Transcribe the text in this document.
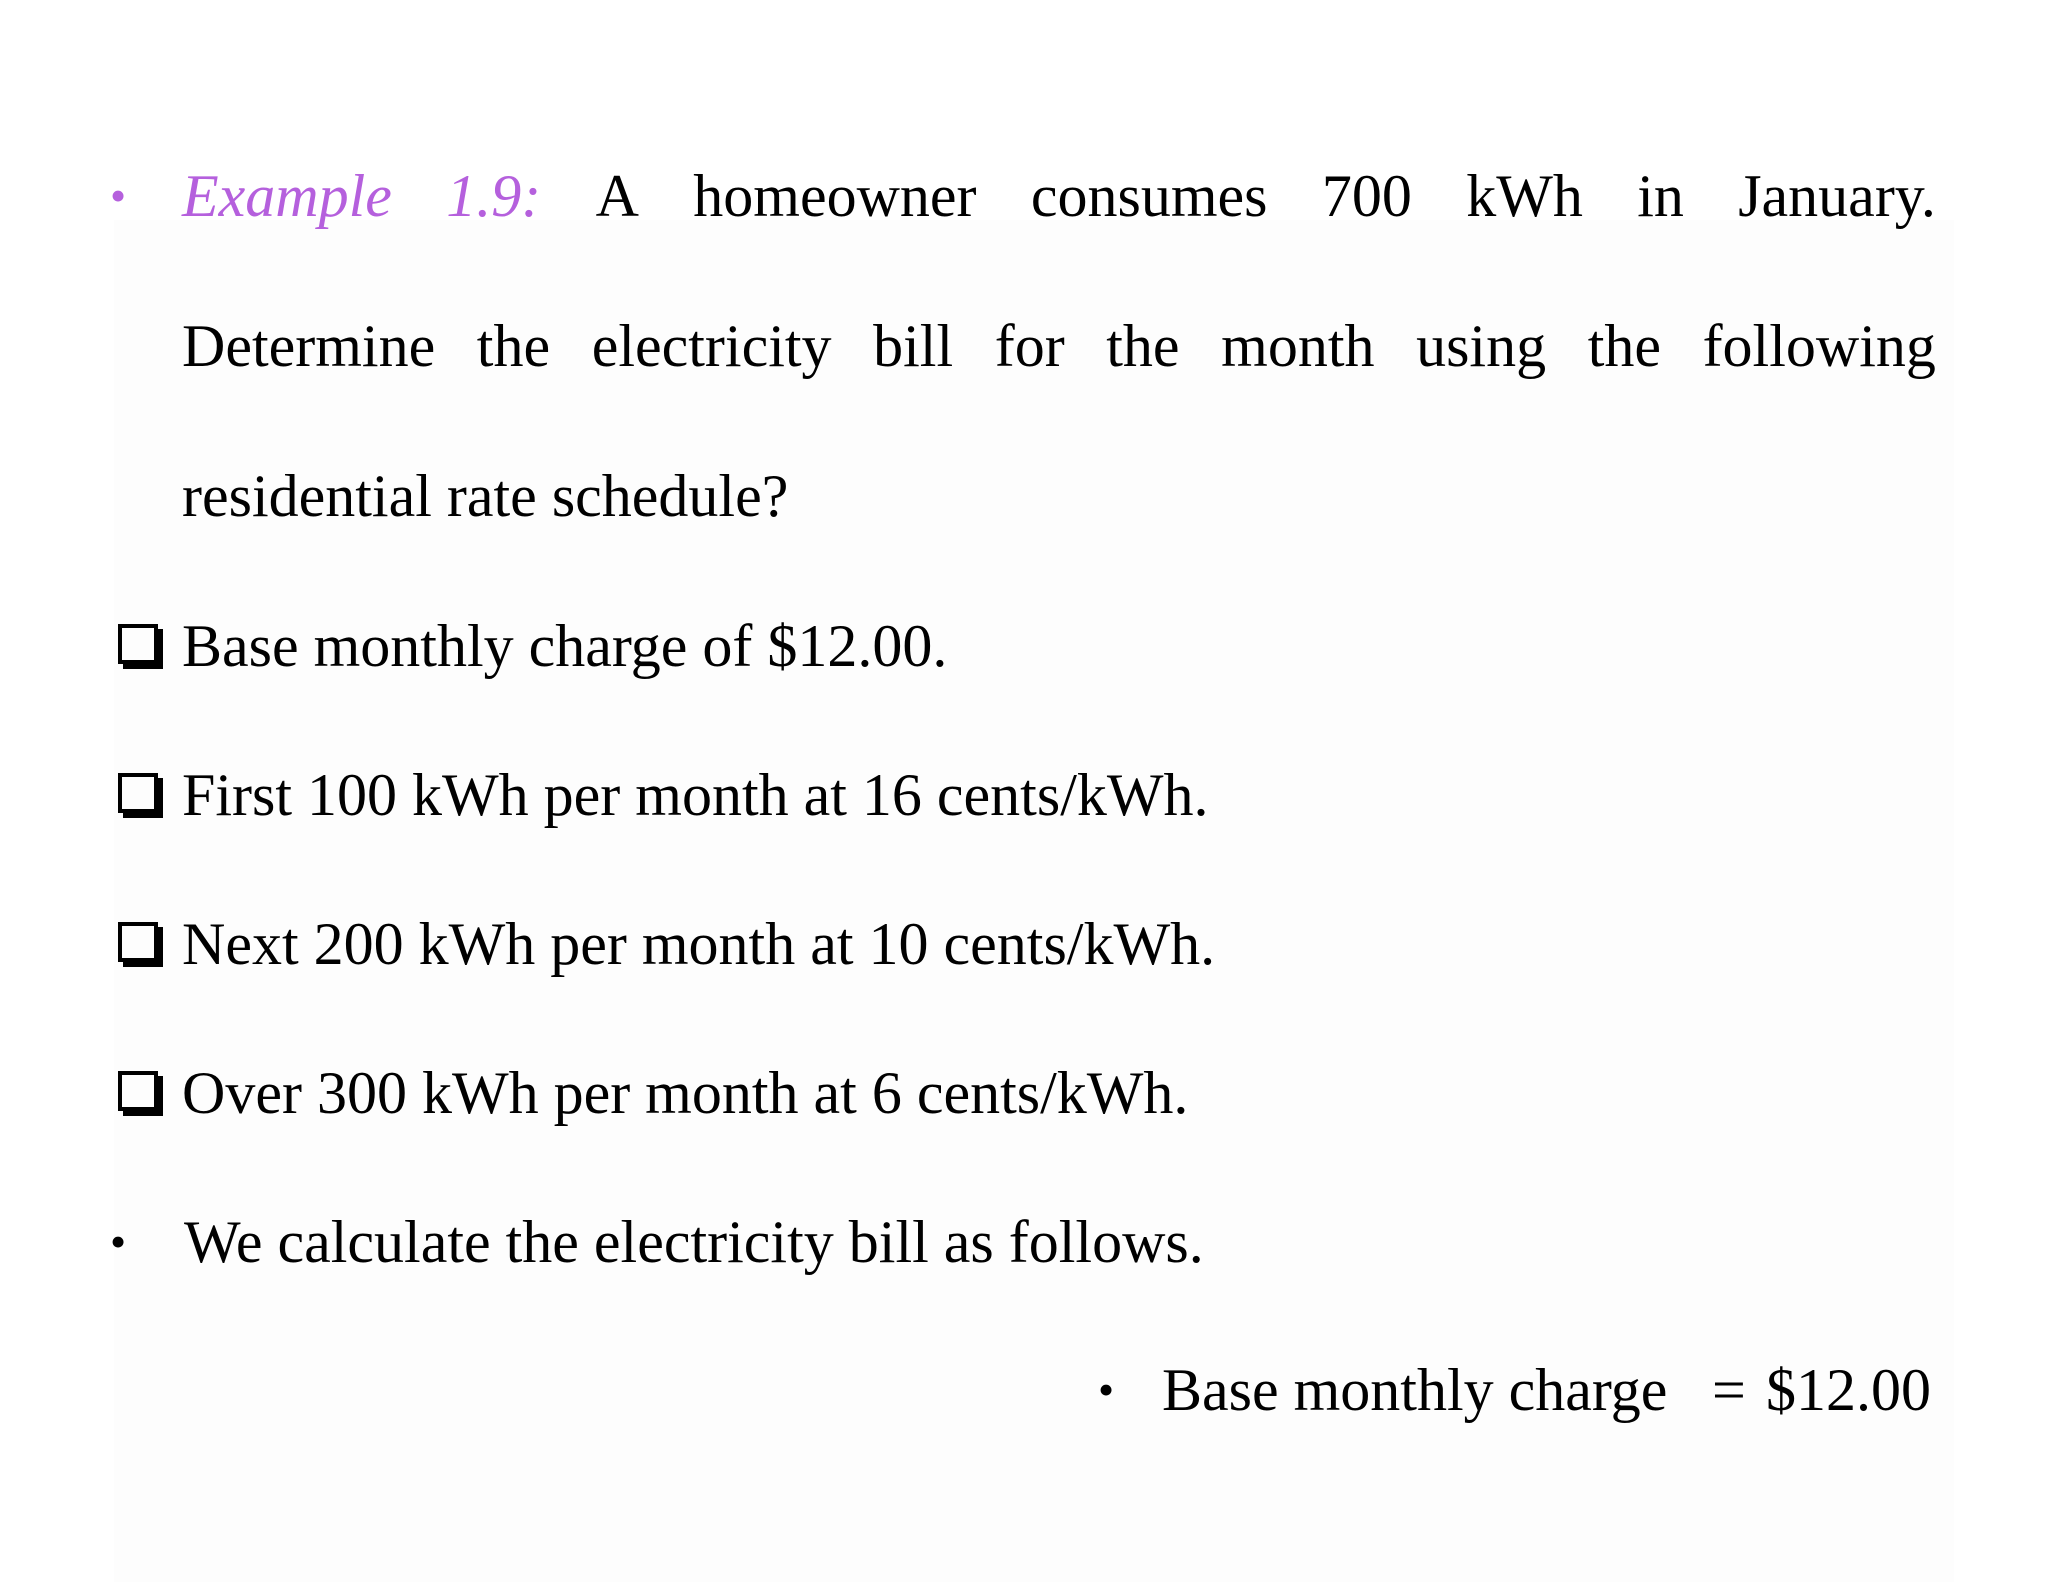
• Example 1.9: A homeowner consumes 700 kWh in January.
Determine the electricity bill for the month using the following
residential rate schedule?
Base monthly charge of $12.00.
First 100 kWh per month at 16 cents/kWh.
Next 200 kWh per month at 10 cents/kWh.
Over 300 kWh per month at 6 cents/kWh.
• We calculate the electricity bill as follows.
• Base monthly charge = $12.00
